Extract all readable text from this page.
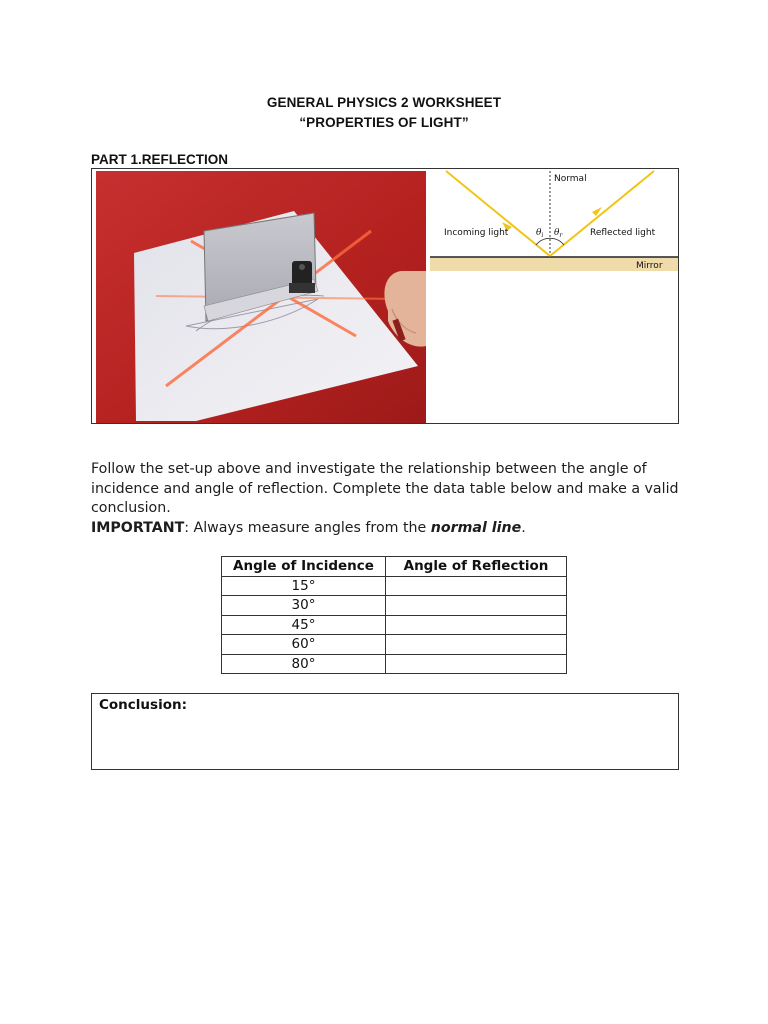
GENERAL PHYSICS 2 WORKSHEET
“PROPERTIES OF LIGHT”
PART 1.REFLECTION
Normal
Incoming light	Reflected light
Mirror
$\theta_i$ $\theta_r$

Follow the set-up above and investigate the relationship between the angle of incidence and angle of reflection. Complete the data table below and make a valid conclusion.

IMPORTANT: Always measure angles from the normal line.

Angle of Incidence	Angle of Reflection
15°	
30°	
45°	
60°	
80°	
Conclusion:
